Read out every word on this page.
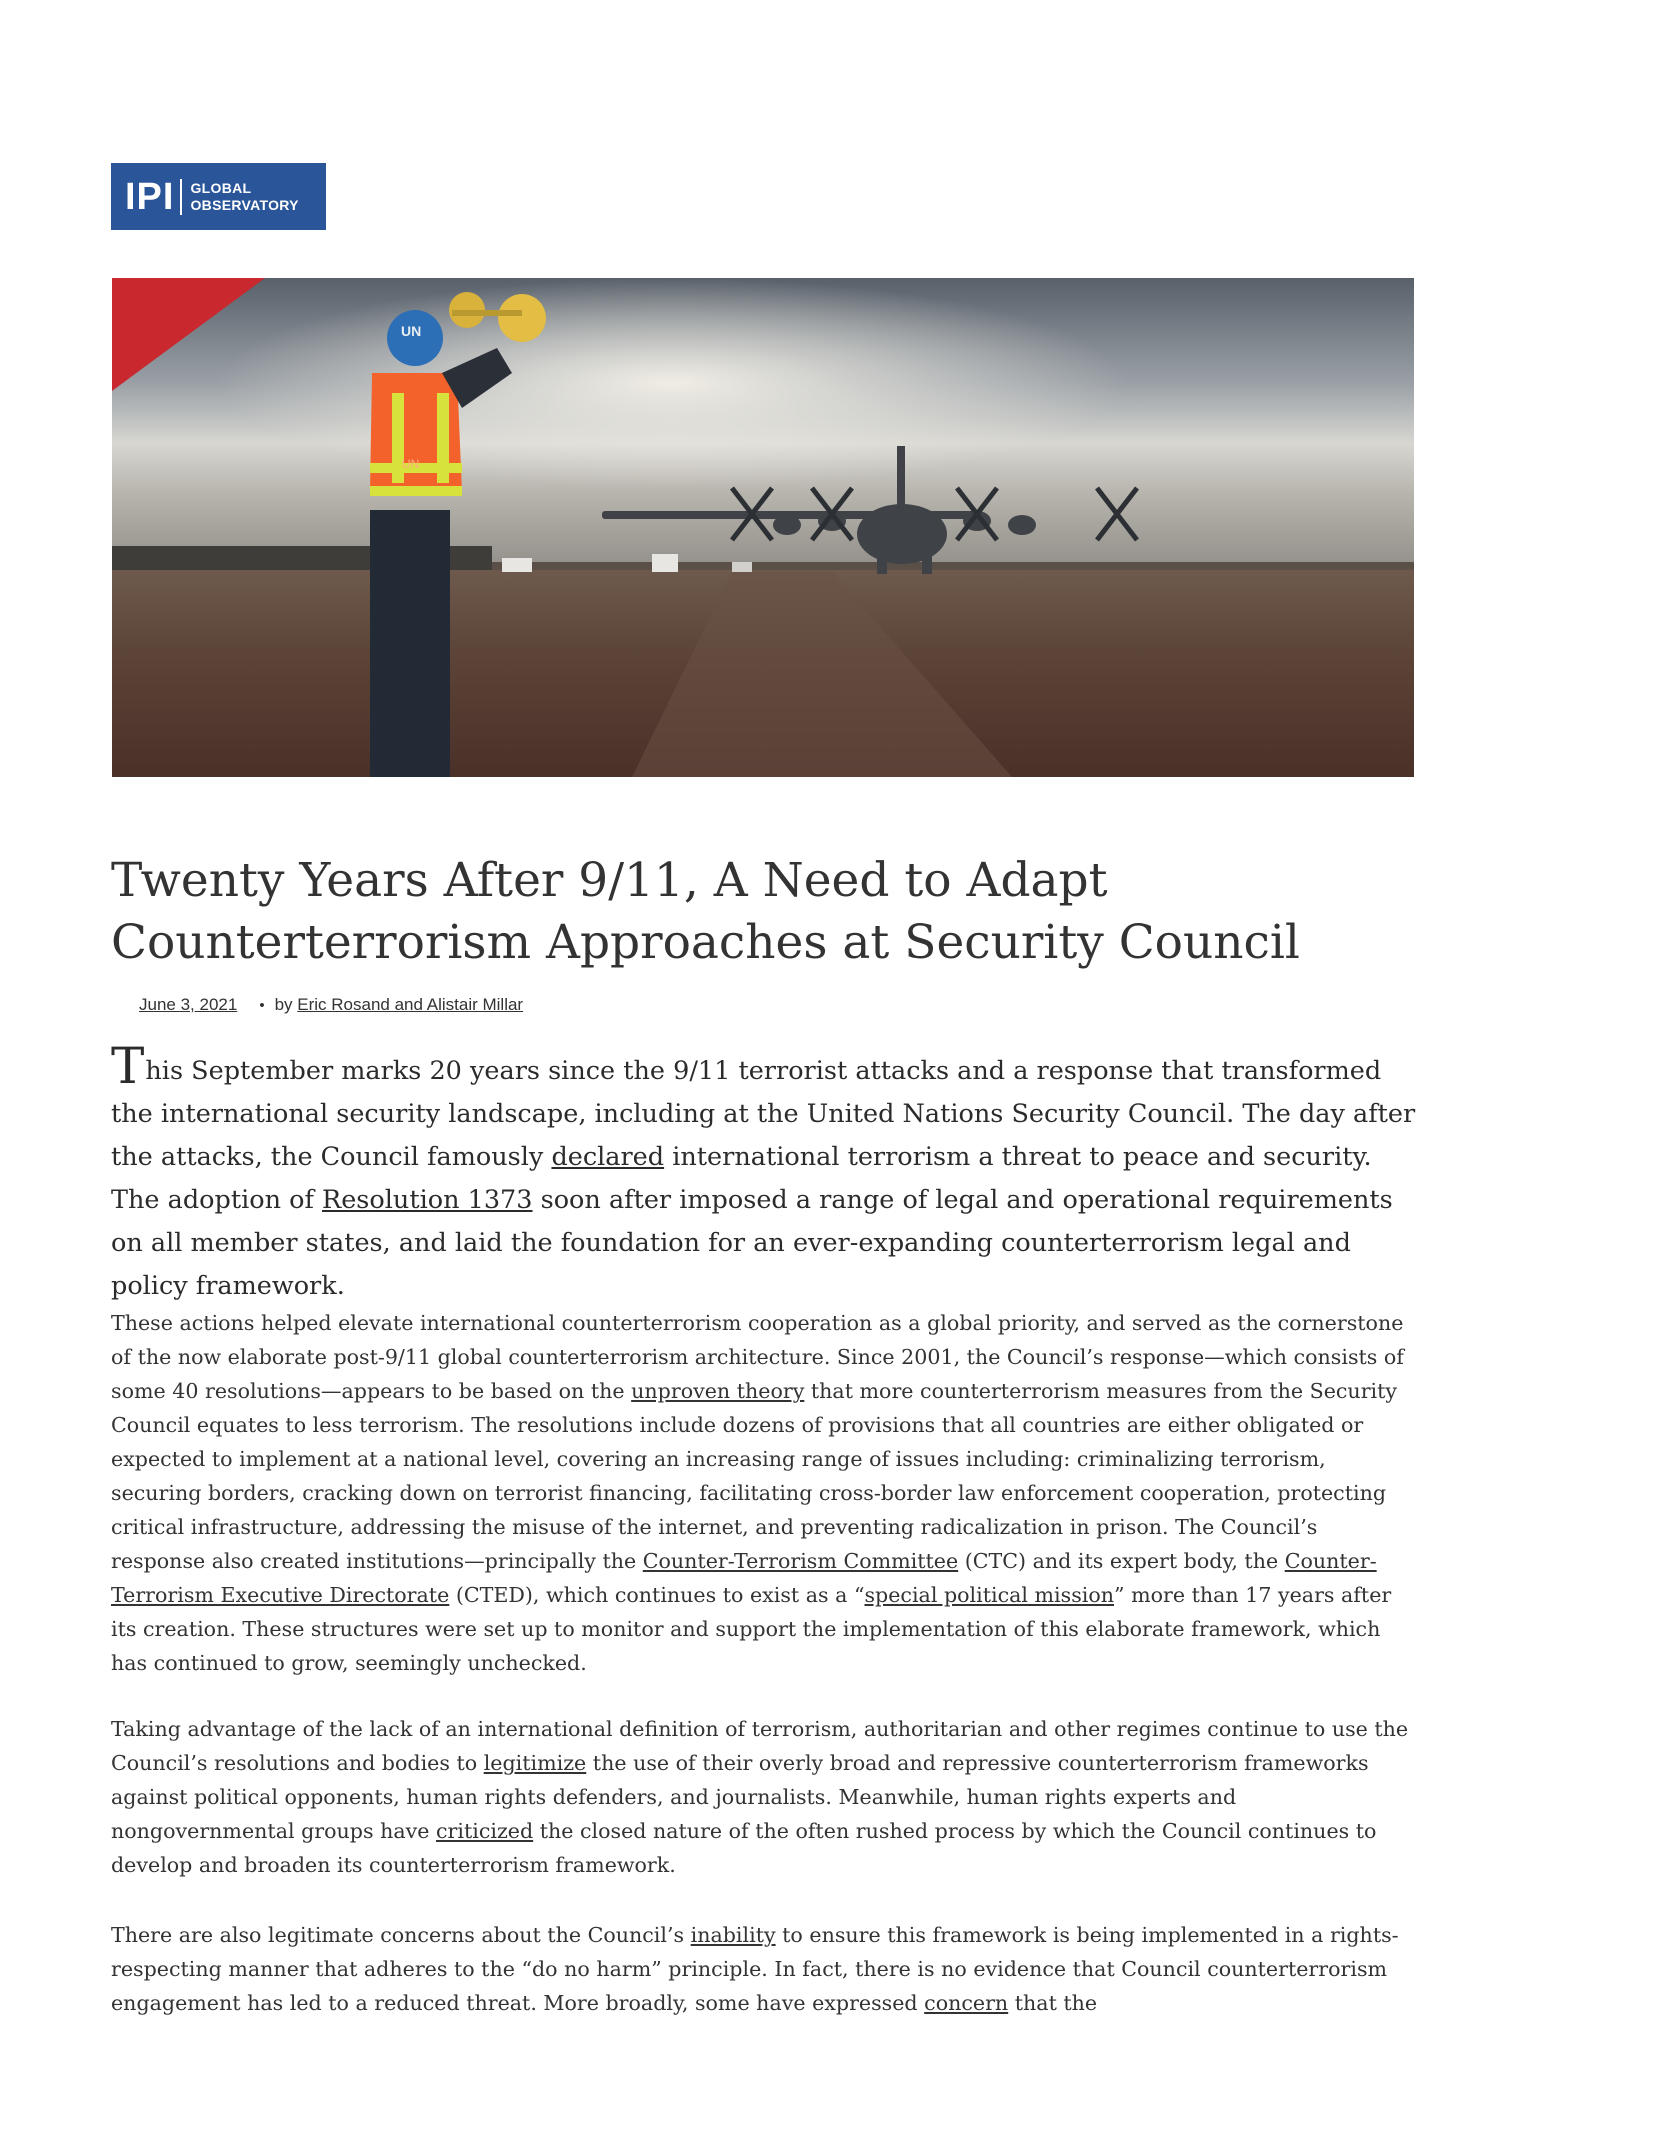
IPI GLOBAL
OBSERVATORY
UN
UN
Twenty Years After 9/11, A Need to Adapt
Counterterrorism Approaches at Security Council
June 3, 2021 • by
Eric Rosand and Alistair Millar

This September marks 20 years since the 9/11 terrorist attacks and a response that transformed the international security landscape, including at the United Nations Security Council. The day after the attacks, the Council famously declared international terrorism a threat to peace and security. The adoption of Resolution 1373 soon after imposed a range of legal and operational requirements on all member states, and laid the foundation for an ever-expanding counterterrorism legal and policy framework.

These actions helped elevate international counterterrorism cooperation as a global priority, and served as the cornerstone of the now elaborate post-9/11 global counterterrorism architecture. Since 2001, the Council’s response—which consists of some 40 resolutions—appears to be based on the unproven theory that more counterterrorism measures from the Security Council equates to less terrorism. The resolutions include dozens of provisions that all countries are either obligated or expected to implement at a national level, covering an increasing range of issues including: criminalizing terrorism, securing borders, cracking down on terrorist financing, facilitating cross-border law enforcement cooperation, protecting critical infrastructure, addressing the misuse of the internet, and preventing radicalization in prison. The Council’s response also created institutions—principally the Counter-Terrorism Committee (CTC) and its expert body, the Counter-Terrorism Executive Directorate (CTED), which continues to exist as a “special political mission” more than 17 years after its creation. These structures were set up to monitor and support the implementation of this elaborate framework, which has continued to grow, seemingly unchecked.

Taking advantage of the lack of an international definition of terrorism, authoritarian and other regimes continue to use the Council’s resolutions and bodies to legitimize the use of their overly broad and repressive counterterrorism frameworks against political opponents, human rights defenders, and journalists. Meanwhile, human rights experts and nongovernmental groups have criticized the closed nature of the often rushed process by which the Council continues to develop and broaden its counterterrorism framework.

There are also legitimate concerns about the Council’s inability to ensure this framework is being implemented in a rights-respecting manner that adheres to the “do no harm” principle. In fact, there is no evidence that Council counterterrorism engagement has led to a reduced threat. More broadly, some have expressed concern that the
